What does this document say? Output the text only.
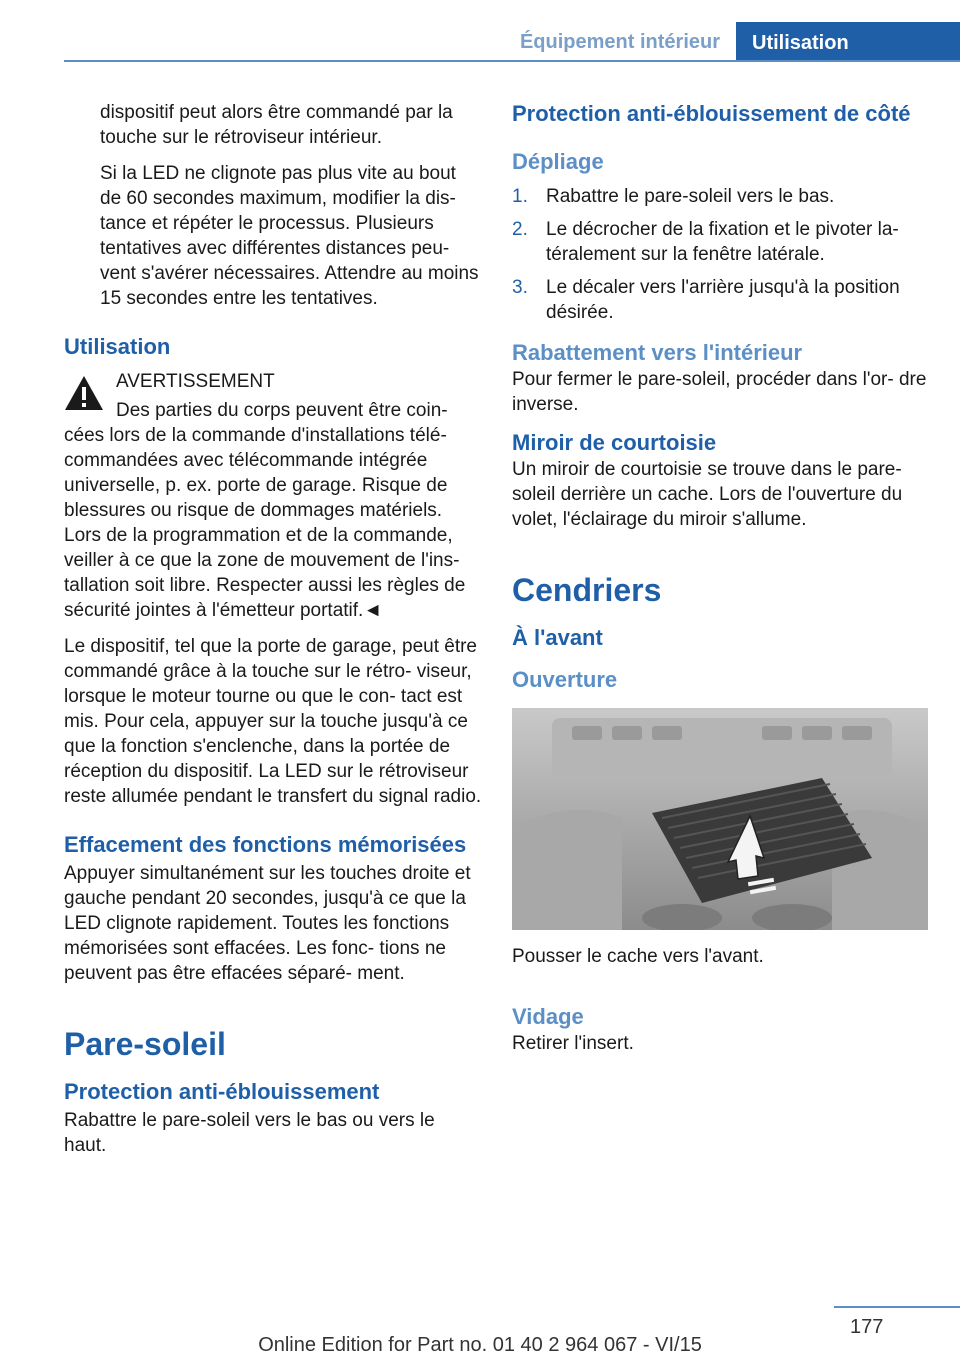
Équipement intérieur	Utilisation

dispositif peut alors être commandé par la touche sur le rétroviseur intérieur.

Si la LED ne clignote pas plus vite au bout de 60 secondes maximum, modifier la dis‐ tance et répéter le processus. Plusieurs tentatives avec différentes distances peu‐ vent s'avérer nécessaires. Attendre au moins 15 secondes entre les tentatives.

Utilisation

AVERTISSEMENT

Des parties du corps peuvent être coin‐ cées lors de la commande d'installations télé‐ commandées avec télécommande intégrée universelle, p. ex. porte de garage. Risque de blessures ou risque de dommages matériels. Lors de la programmation et de la commande, veiller à ce que la zone de mouvement de l'ins‐ tallation soit libre. Respecter aussi les règles de sécurité jointes à l'émetteur portatif.◄

Le dispositif, tel que la porte de garage, peut être commandé grâce à la touche sur le rétro‐ viseur, lorsque le moteur tourne ou que le con‐ tact est mis. Pour cela, appuyer sur la touche jusqu'à ce que la fonction s'enclenche, dans la portée de réception du dispositif. La LED sur le rétroviseur reste allumée pendant le transfert du signal radio.

Effacement des fonctions mémorisées

Appuyer simultanément sur les touches droite et gauche pendant 20 secondes, jusqu'à ce que la LED clignote rapidement. Toutes les fonctions mémorisées sont effacées. Les fonc‐ tions ne peuvent pas être effacées séparé‐ ment.

Pare-soleil
Protection anti-éblouissement

Rabattre le pare-soleil vers le bas ou vers le haut.

Protection anti-éblouissement de côté
Dépliage
1. Rabattre le pare-soleil vers le bas.
2. Le décrocher de la fixation et le pivoter la‐ téralement sur la fenêtre latérale.
3. Le décaler vers l'arrière jusqu'à la position désirée.
Rabattement vers l'intérieur

Pour fermer le pare-soleil, procéder dans l'or‐ dre inverse.

Miroir de courtoisie

Un miroir de courtoisie se trouve dans le pare- soleil derrière un cache. Lors de l'ouverture du volet, l'éclairage du miroir s'allume.

Cendriers
À l'avant
Ouverture

Pousser le cache vers l'avant.

Vidage

Retirer l'insert.

177
Online Edition for Part no. 01 40 2 964 067 - VI/15
